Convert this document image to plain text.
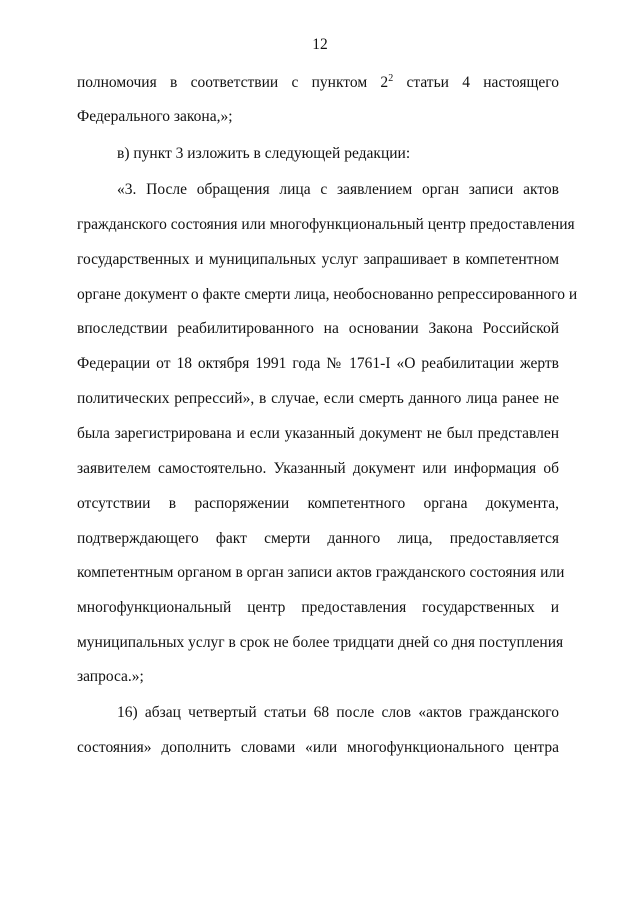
12
полномочия в соответствии с пунктом $2^2$ статьи 4 настоящего
Федерального закона,»;
в) пункт 3 изложить в следующей редакции:
«3. После обращения лица с заявлением орган записи актов
гражданского состояния или многофункциональный центр предоставления
государственных и муниципальных услуг запрашивает в компетентном
органе документ о факте смерти лица, необоснованно репрессированного и
впоследствии реабилитированного на основании Закона Российской
Федерации от 18 октября 1991 года № 1761-I «О реабилитации жертв
политических репрессий», в случае, если смерть данного лица ранее не
была зарегистрирована и если указанный документ не был представлен
заявителем самостоятельно. Указанный документ или информация об
отсутствии в распоряжении компетентного органа документа,
подтверждающего факт смерти данного лица, предоставляется
компетентным органом в орган записи актов гражданского состояния или
многофункциональный центр предоставления государственных и
муниципальных услуг в срок не более тридцати дней со дня поступления
запроса.»;
16) абзац четвертый статьи 68 после слов «актов гражданского
состояния» дополнить словами «или многофункционального центра
